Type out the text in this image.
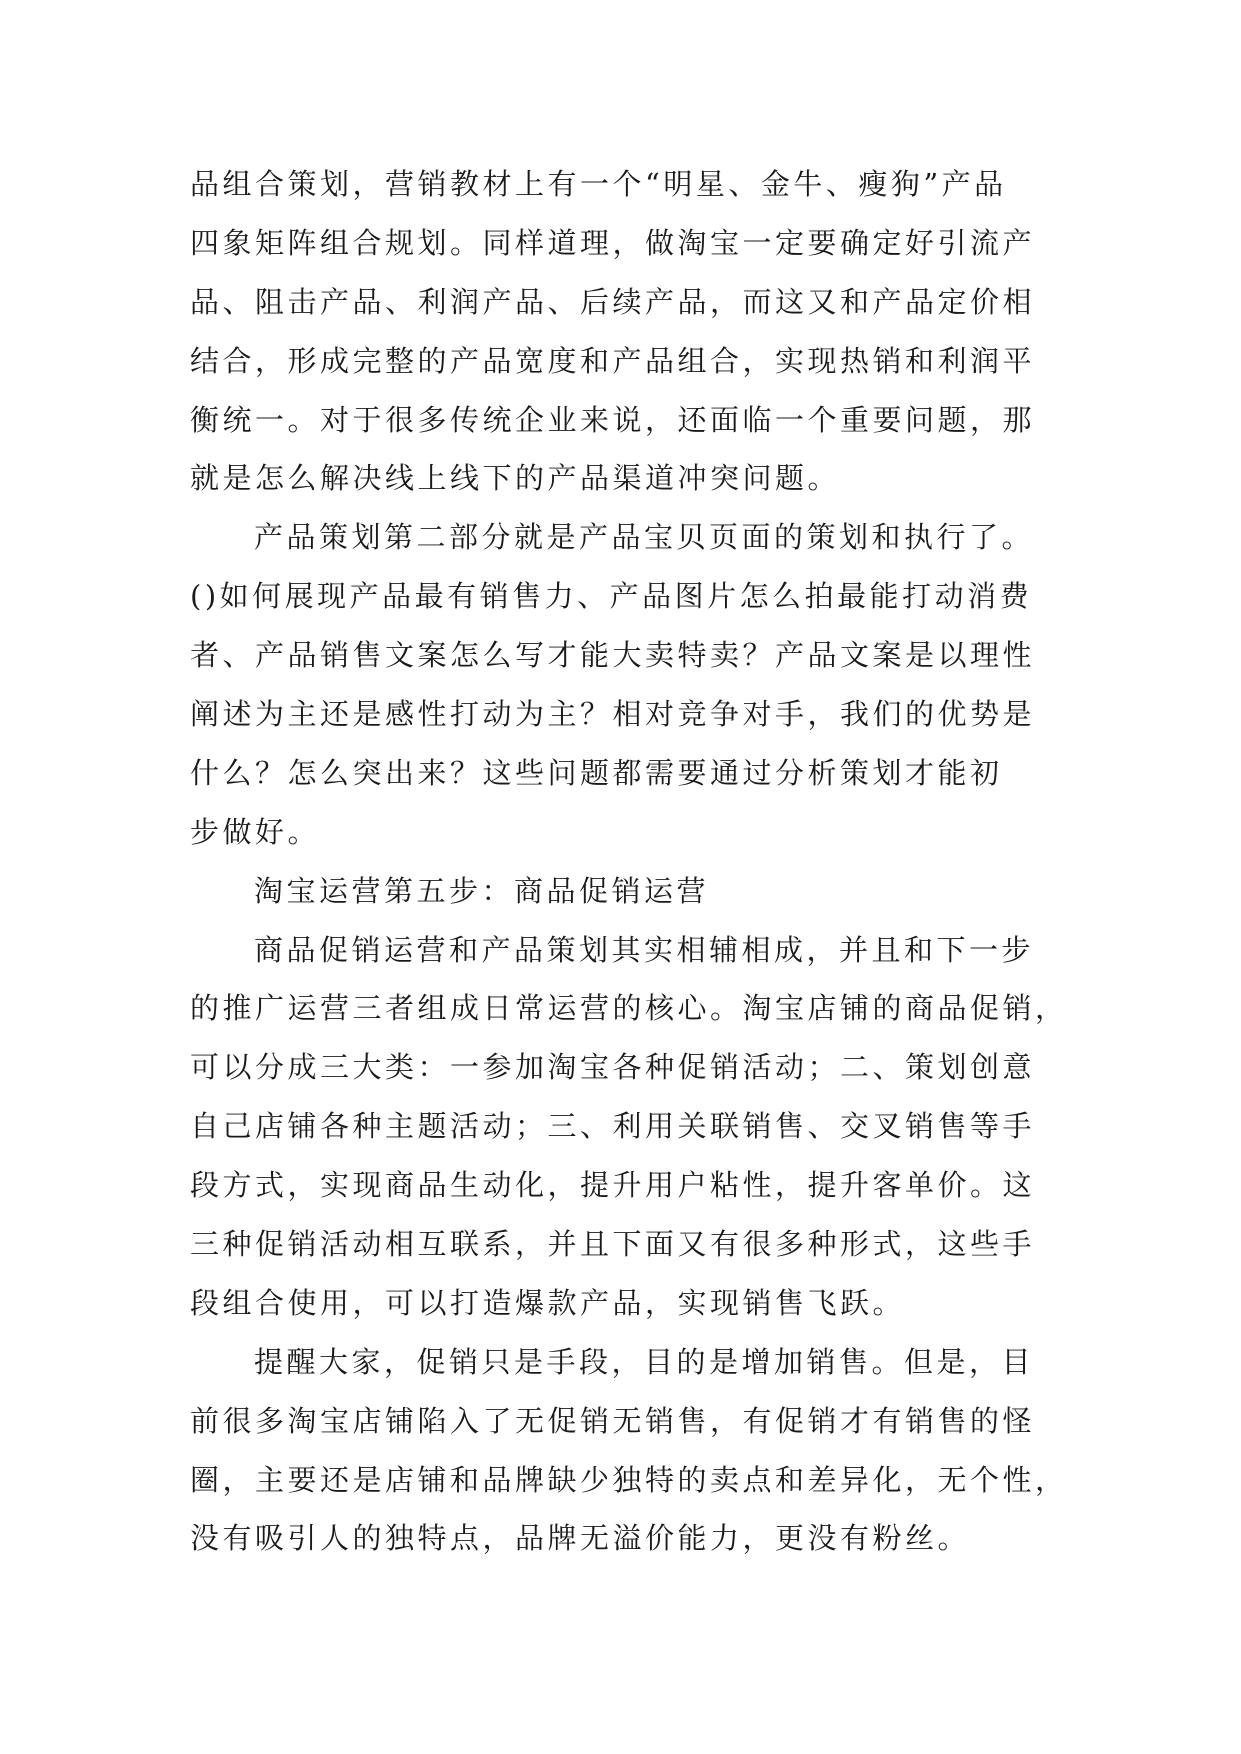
品组合策划，营销教材上有一个“明星、金牛、瘦狗”产品
四象矩阵组合规划。同样道理，做淘宝一定要确定好引流产
品、阻击产品、利润产品、后续产品，而这又和产品定价相
结合，形成完整的产品宽度和产品组合，实现热销和利润平
衡统一。对于很多传统企业来说，还面临一个重要问题，那
就是怎么解决线上线下的产品渠道冲突问题。

产品策划第二部分就是产品宝贝页面的策划和执行了。
()如何展现产品最有销售力、产品图片怎么拍最能打动消费
者、产品销售文案怎么写才能大卖特卖？产品文案是以理性
阐述为主还是感性打动为主？相对竞争对手，我们的优势是
什么？怎么突出来？这些问题都需要通过分析策划才能初
步做好。

淘宝运营第五步：商品促销运营

商品促销运营和产品策划其实相辅相成，并且和下一步
的推广运营三者组成日常运营的核心。淘宝店铺的商品促销，
可以分成三大类：一参加淘宝各种促销活动；二、策划创意
自己店铺各种主题活动；三、利用关联销售、交叉销售等手
段方式，实现商品生动化，提升用户粘性，提升客单价。这
三种促销活动相互联系，并且下面又有很多种形式，这些手
段组合使用，可以打造爆款产品，实现销售飞跃。

提醒大家，促销只是手段，目的是增加销售。但是，目
前很多淘宝店铺陷入了无促销无销售，有促销才有销售的怪
圈，主要还是店铺和品牌缺少独特的卖点和差异化，无个性，
没有吸引人的独特点，品牌无溢价能力，更没有粉丝。
